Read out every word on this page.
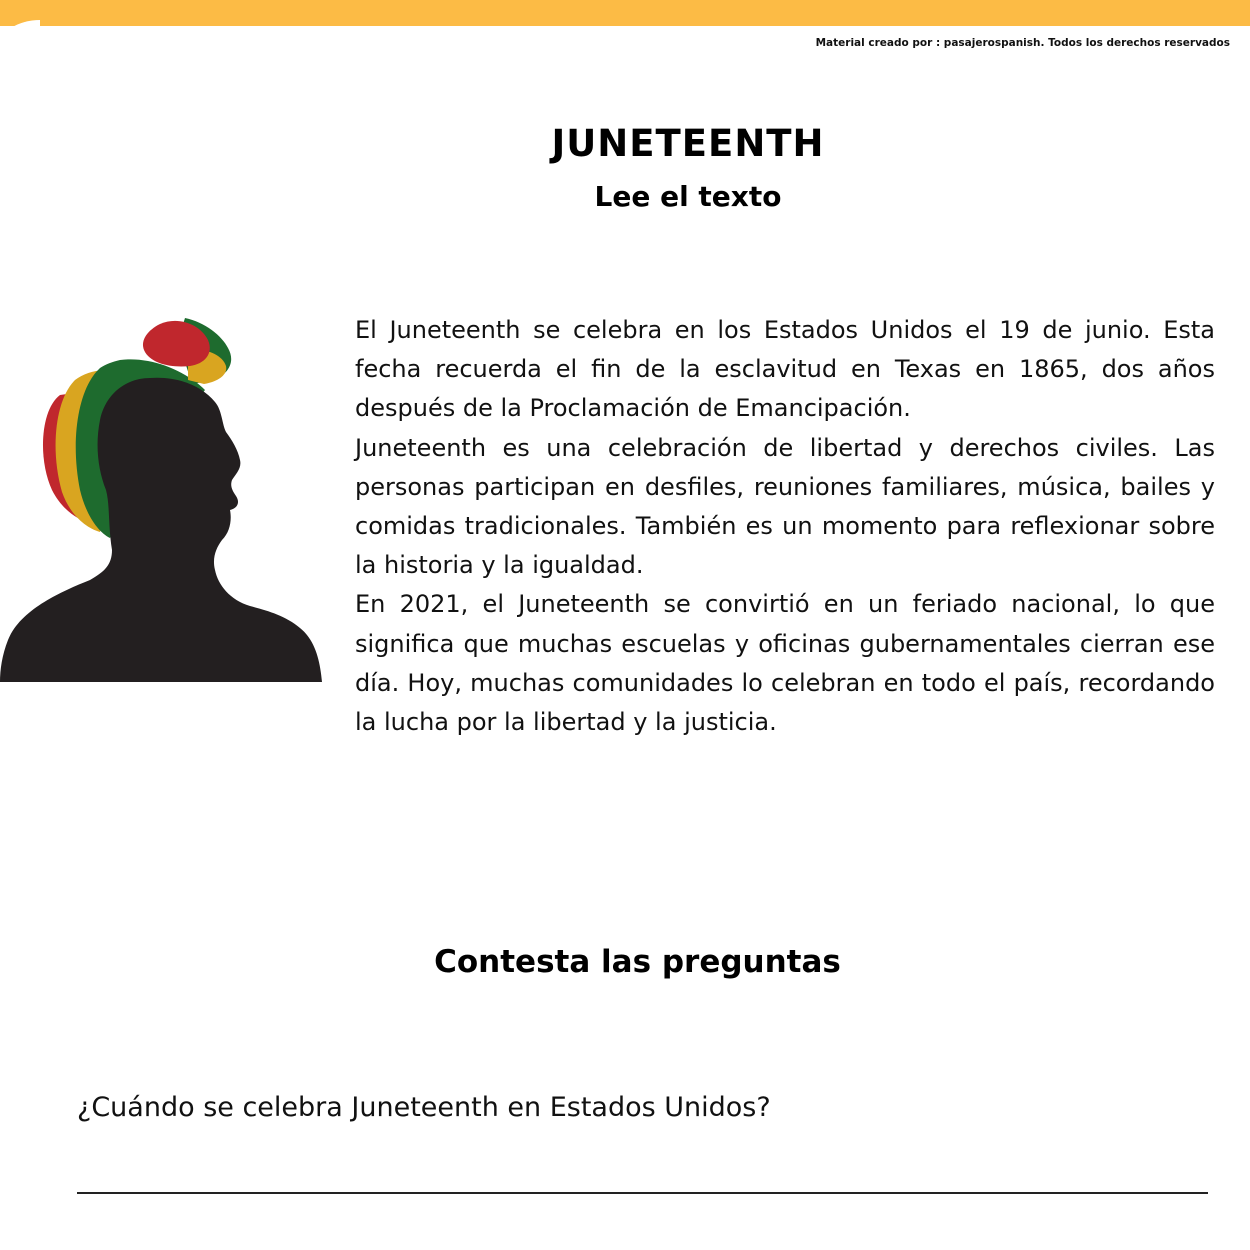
Material creado por : pasajerospanish. Todos los derechos reservados
JUNETEENTH
Lee el texto

El Juneteenth se celebra en los Estados Unidos el 19 de junio. Esta fecha recuerda el fin de la esclavitud en Texas en 1865, dos años después de la Proclamación de Emancipación.

Juneteenth es una celebración de libertad y derechos civiles. Las personas participan en desfiles, reuniones familiares, música, bailes y comidas tradicionales. También es un momento para reflexionar sobre la historia y la igualdad.

En 2021, el Juneteenth se convirtió en un feriado nacional, lo que significa que muchas escuelas y oficinas gubernamentales cierran ese día. Hoy, muchas comunidades lo celebran en todo el país, recordando la lucha por la libertad y la justicia.

Contesta las preguntas
¿Cuándo se celebra Juneteenth en Estados Unidos?
